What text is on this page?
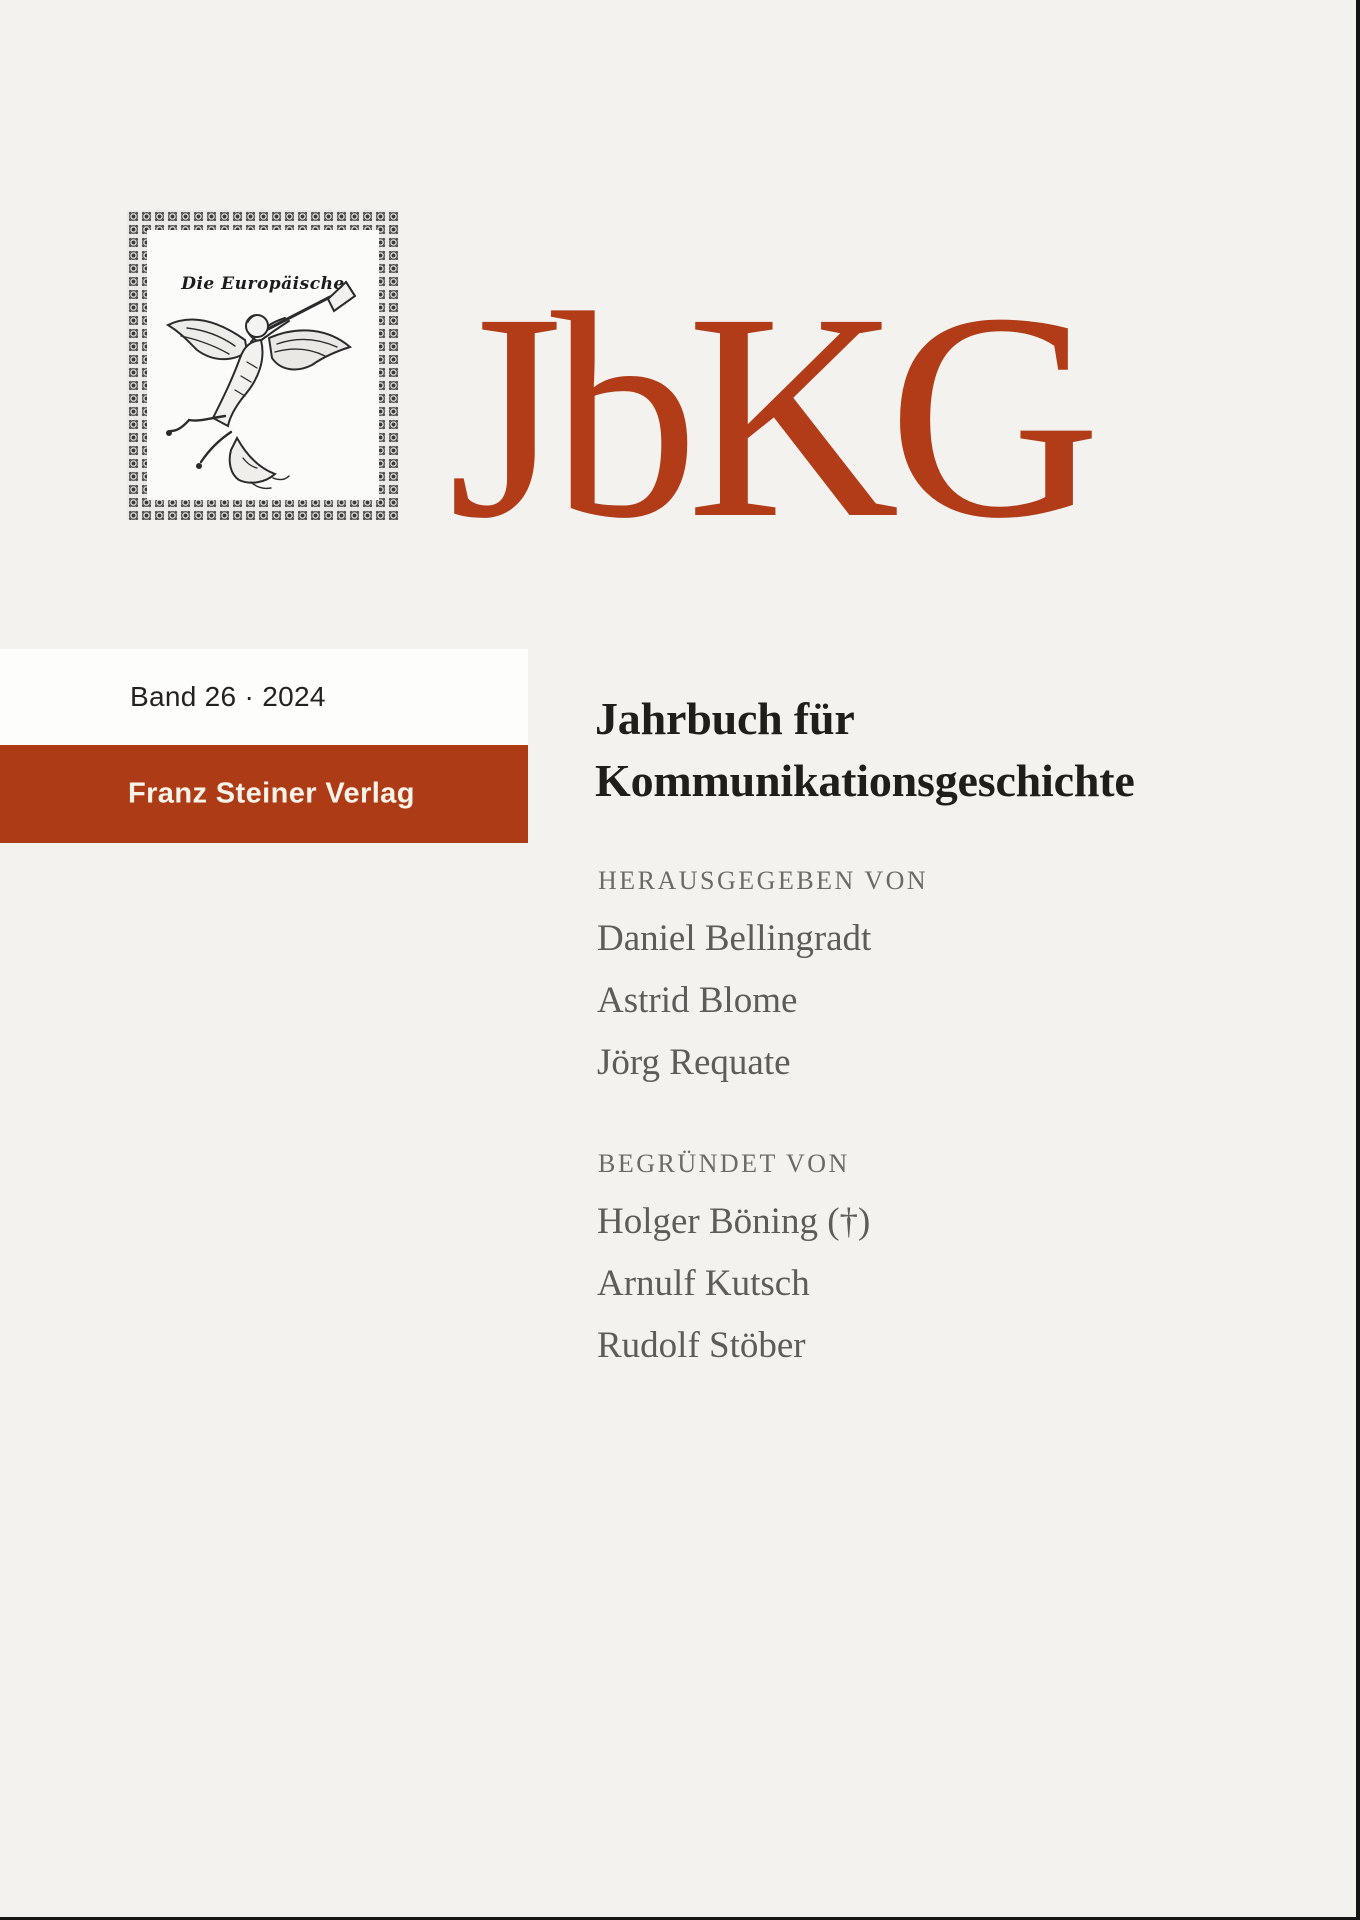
Die Europäische JbKG
Band 26 · 2024
Franz Steiner Verlag
Jahrbuch für
Kommunikationsgeschichte
HERAUSGEGEBEN VON
Daniel Bellingradt
Astrid Blome
Jörg Requate
BEGRÜNDET VON
Holger Böning (†)
Arnulf Kutsch
Rudolf Stöber
